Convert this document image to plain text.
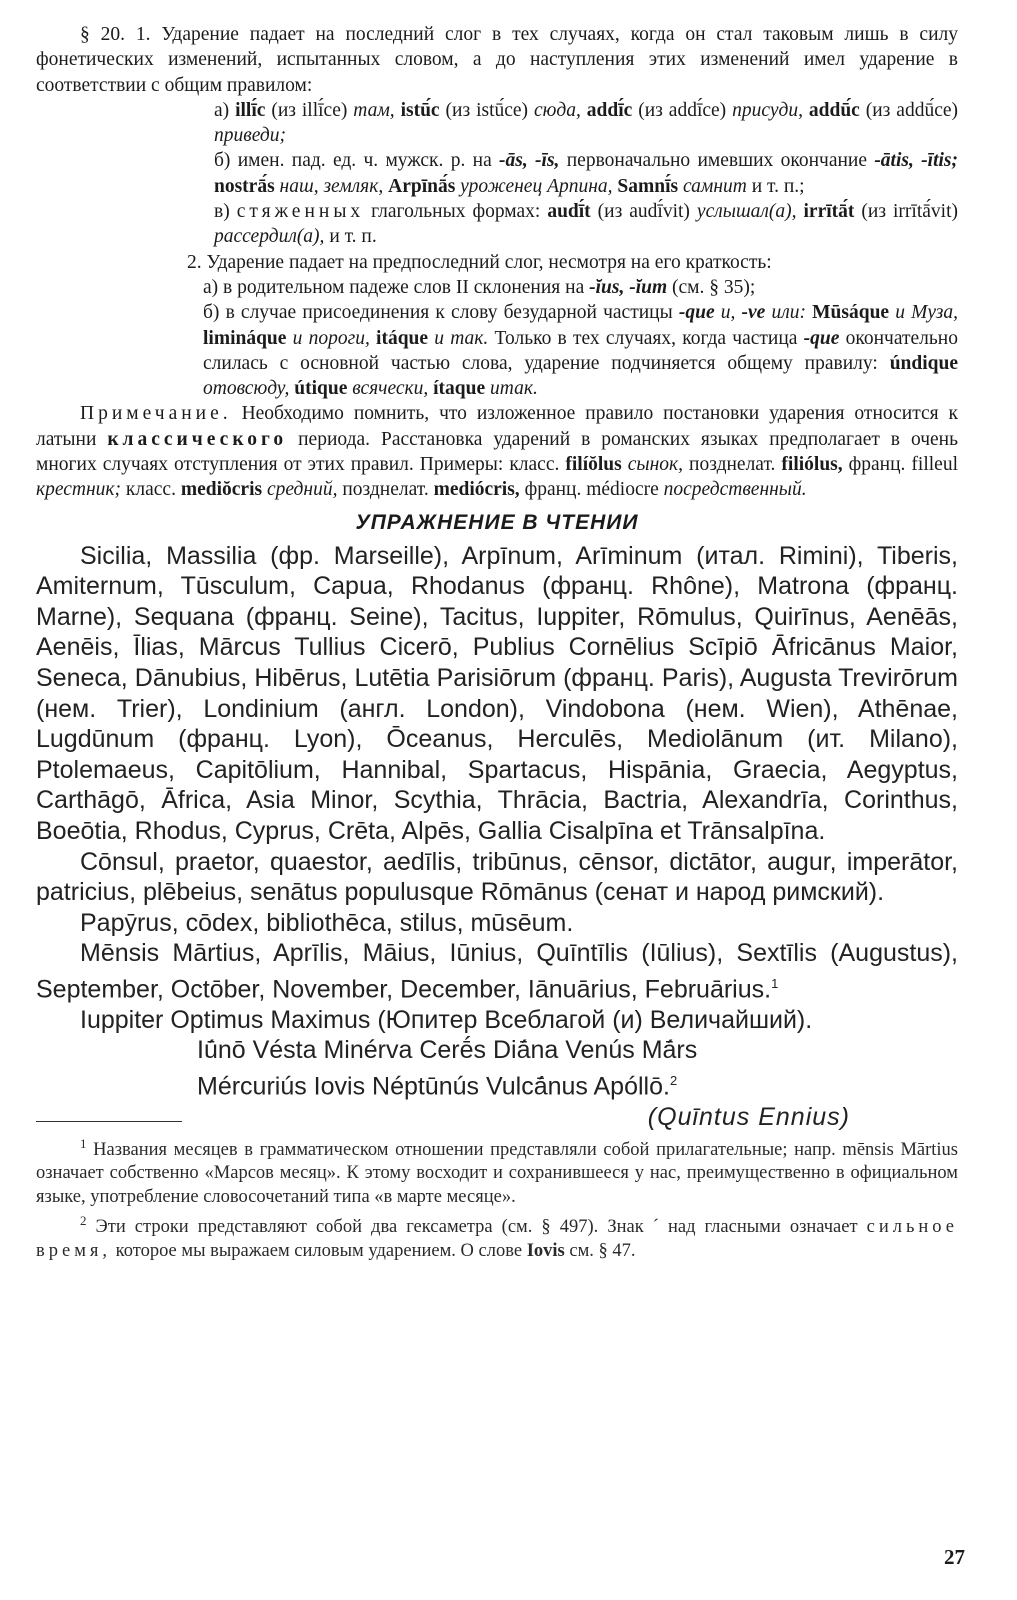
§ 20. 1. Ударение падает на последний слог в тех случаях, когда он стал таковым лишь в силу фонетических изменений, испытанных словом, а до наступления этих изменений имел ударение в соответствии с общим правилом:

а) illī́c (из illī́ce) там, istū́c (из istū́ce) сюда, addī́c (из addī́ce) присуди, addū́c (из addū́ce) приведи;

б) имен. пад. ед. ч. мужск. р. на -ās, -īs, первоначально имевших окончание -ātis, -ītis; nostrā́s наш, земляк, Arpīnā́s уроженец Арпина, Samnī́s самнит и т. п.;

в) стяженных глагольных формах: audī́t (из audī́vit) услышал(а), irrītā́t (из irrītā́vit) рассердил(а), и т. п.

2. Ударение падает на предпоследний слог, несмотря на его краткость:

а) в родительном падеже слов II склонения на -ĭus, -ĭum (см. § 35);

б) в случае присоединения к слову безударной частицы -que и, -ve или: Mūsáque и Муза, limináque и пороги, itáque и так. Только в тех случаях, когда частица -que окончательно слилась с основной частью слова, ударение подчиняется общему правилу: úndique отовсюду, útique всячески, ítaque итак.

Примечание. Необходимо помнить, что изложенное правило постановки ударения относится к латыни классического периода. Расстановка ударений в романских языках предполагает в очень многих случаях отступления от этих правил. Примеры: класс. filíŏlus сынок, позднелат. filiólus, франц. filleul крестник; класс. mediŏcris средний, позднелат. mediócris, франц. médiocre посредственный.

УПРАЖНЕНИЕ В ЧТЕНИИ

Sicilia, Massilia (фр. Marseille), Arpīnum, Arīminum (итал. Rimini), Tiberis, Amiternum, Tūsculum, Capua, Rhodanus (франц. Rhône), Matrona (франц. Marne), Sequana (франц. Seine), Tacitus, Iuppiter, Rōmulus, Quirīnus, Aenēās, Aenēis, Īlias, Mārcus Tullius Cicerō, Publius Cornēlius Scīpiō Āfricānus Maior, Seneca, Dānubius, Hibērus, Lutētia Parisiōrum (франц. Paris), Augusta Trevirōrum (нем. Trier), Londinium (англ. London), Vindobona (нем. Wien), Athēnae, Lugdūnum (франц. Lyon), Ōceanus, Herculēs, Mediolānum (ит. Milano), Ptolemaeus, Capitōlium, Hannibal, Spartacus, Hispānia, Graecia, Aegyptus, Carthāgō, Āfrica, Asia Minor, Scythia, Thrācia, Bactria, Alexandrīa, Corinthus, Boeōtia, Rhodus, Cyprus, Crēta, Alpēs, Gallia Cisalpīna et Trānsalpīna.

Cōnsul, praetor, quaestor, aedīlis, tribūnus, cēnsor, dictātor, augur, imperātor, patricius, plēbeius, senātus populusque Rōmānus (сенат и народ римский).

Papȳrus, cōdex, bibliothēca, stilus, mūsēum.

Mēnsis Mārtius, Aprīlis, Māius, Iūnius, Quīntīlis (Iūlius), Sextīlis (Augustus), September, Octōber, November, December, Iānuārius, Februārius.$^1$

Iuppiter Optimus Maximus (Юпитер Всеблагой (и) Величайший).

Iū́nō Vésta Minérva Cerḗs Diā́na Venús Mā́rs

Mércuriús Iovis Néptūnús Vulcā́nus Apóllō.$^2$

(Quīntus Ennius)

$^1$ Названия месяцев в грамматическом отношении представляли собой прилагательные; напр. mēnsis Mārtius означает собственно «Марсов месяц». К этому восходит и сохранившееся у нас, преимущественно в официальном языке, употребление словосочетаний типа «в марте месяце».

$^2$ Эти строки представляют собой два гексаметра (см. § 497). Знак ´ над гласными означает сильное время, которое мы выражаем силовым ударением. О слове Iovis см. § 47.

27
